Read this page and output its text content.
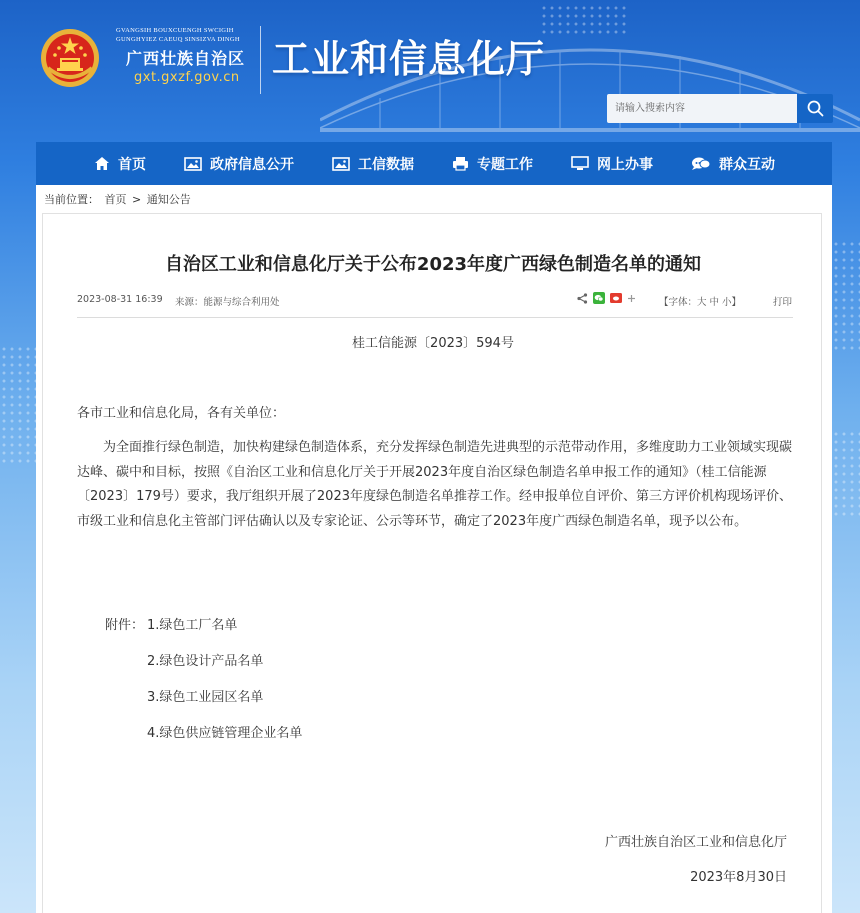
GVANGSIH BOUXCUENGH SWCIGIH
GUNGHYIEZ CAEUQ SINSIZVA DINGH
广西壮族自治区
gxt.gxzf.gov.cn 工业和信息化厅
请输入搜索内容
首页	政府信息公开	工信数据	专题工作	网上办事	群众互动
当前位置： 首页 > 通知公告
自治区工业和信息化厅关于公布2023年度广西绿色制造名单的通知
2023-08-31 16:39 来源：能源与综合利用处	【字体：大 中 小】	打印
桂工信能源〔2023〕594号
各市工业和信息化局，各有关单位：
为全面推行绿色制造，加快构建绿色制造体系，充分发挥绿色制造先进典型的示范带动作用，多维度助力工业领域实现碳达峰、碳中和目标，按照《自治区工业和信息化厅关于开展2023年度自治区绿色制造名单申报工作的通知》（桂工信能源〔2023〕179号）要求，我厅组织开展了2023年度绿色制造名单推荐工作。经申报单位自评价、第三方评价机构现场评价、市级工业和信息化主管部门评估确认以及专家论证、公示等环节，确定了2023年度广西绿色制造名单，现予以公布。
附件： 1.绿色工厂名单
2.绿色设计产品名单
3.绿色工业园区名单
4.绿色供应链管理企业名单
广西壮族自治区工业和信息化厅
2023年8月30日
